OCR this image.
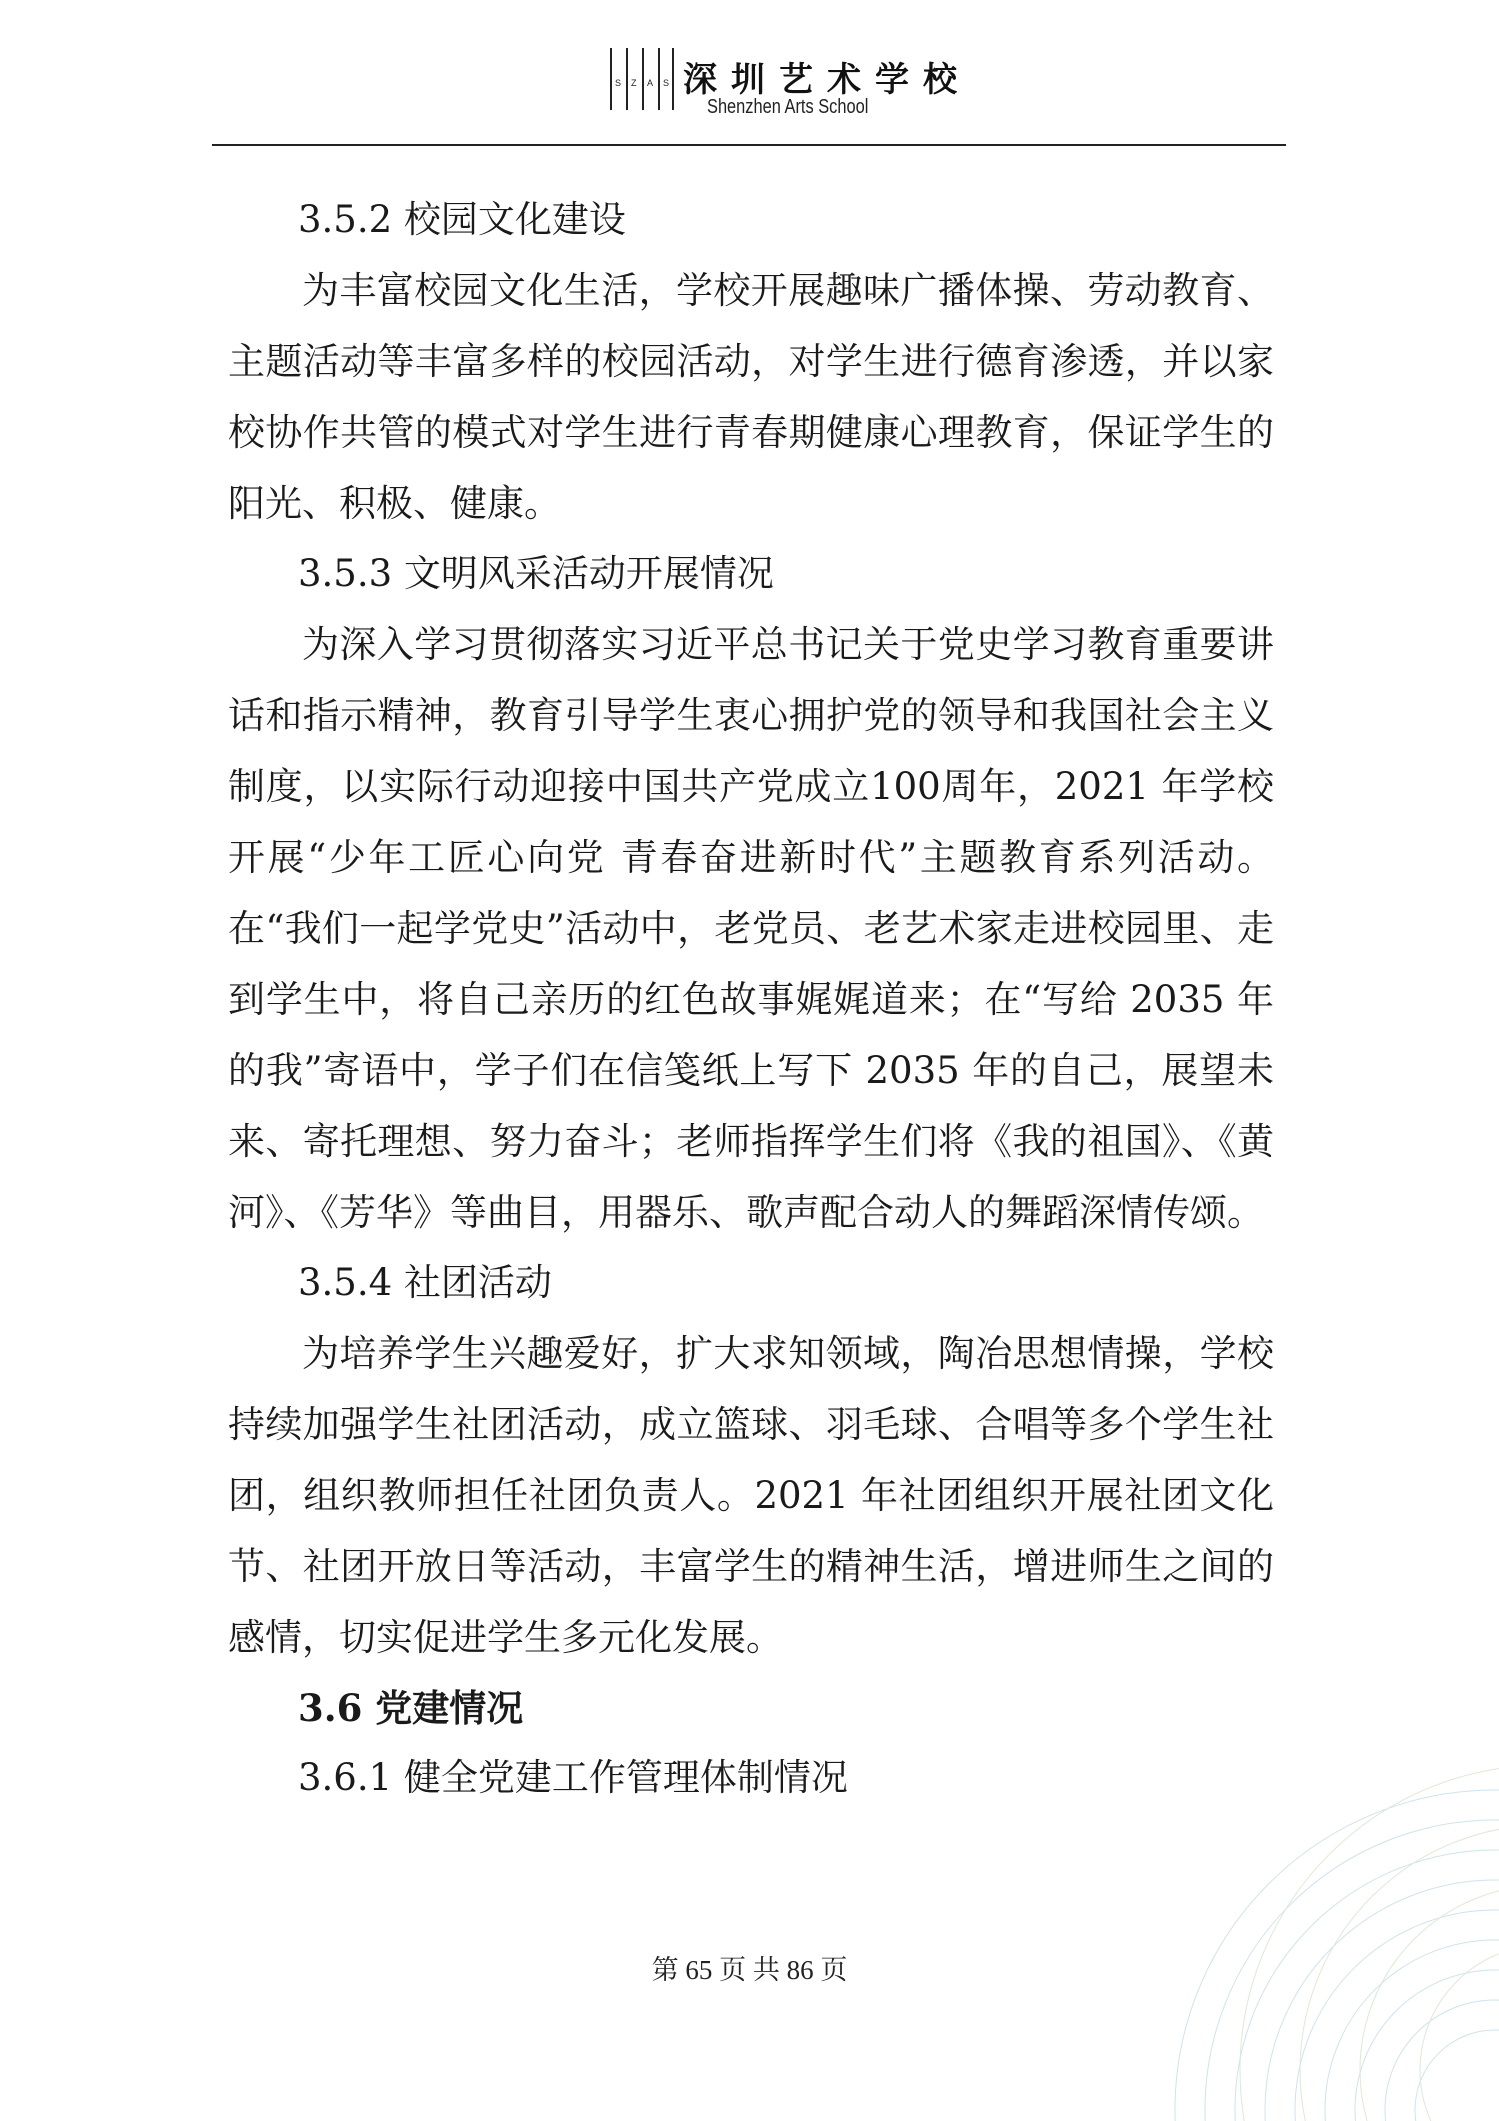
S Z A S 深圳艺术学校
Shenzhen Arts School

3.5.2 校园文化建设

为丰富校园文化生活，学校开展趣味广播体操、劳动教育、主题活动等丰富多样的校园活动，对学生进行德育渗透，并以家校协作共管的模式对学生进行青春期健康心理教育，保证学生的阳光、积极、健康。

3.5.3 文明风采活动开展情况

为深入学习贯彻落实习近平总书记关于党史学习教育重要讲话和指示精神，教育引导学生衷心拥护党的领导和我国社会主义制度，以实际行动迎接中国共产党成立100周年，2021 年学校开展“少年工匠心向党 青春奋进新时代”主题教育系列活动。在“我们一起学党史”活动中，老党员、老艺术家走进校园里、走到学生中，将自己亲历的红色故事娓娓道来；在“写给 2035 年的我”寄语中，学子们在信笺纸上写下 2035 年的自己，展望未来、寄托理想、努力奋斗；老师指挥学生们将《我的祖国》、《黄河》、《芳华》等曲目，用器乐、歌声配合动人的舞蹈深情传颂。

3.5.4 社团活动

为培养学生兴趣爱好，扩大求知领域，陶冶思想情操，学校持续加强学生社团活动，成立篮球、羽毛球、合唱等多个学生社团，组织教师担任社团负责人。2021 年社团组织开展社团文化节、社团开放日等活动，丰富学生的精神生活，增进师生之间的感情，切实促进学生多元化发展。

3.6 党建情况

3.6.1 健全党建工作管理体制情况

第 65 页 共 86 页
